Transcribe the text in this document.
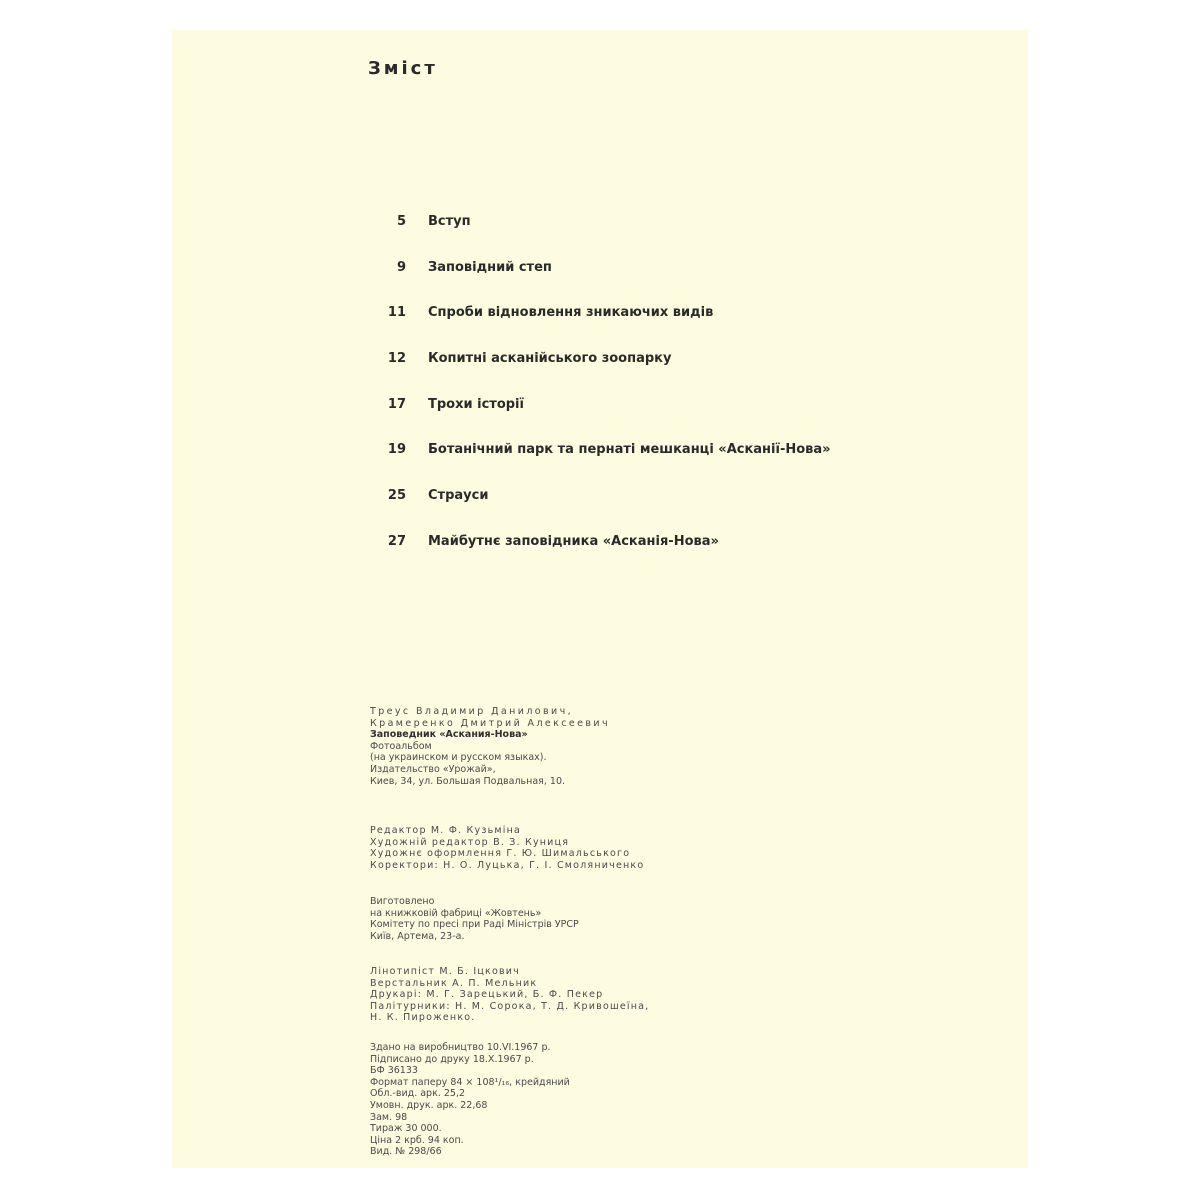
Зміст
5 Вступ
9 Заповідний степ
11 Спроби відновлення зникаючих видів
12 Копитні асканійського зоопарку
17 Трохи історії
19 Ботанічний парк та пернаті мешканці «Асканії-Нова»
25 Страуси
27 Майбутнє заповідника «Асканія-Нова»
Треус Владимир Данилович,
Крамеренко Дмитрий Алексеевич
Заповедник «Аскания-Нова»
Фотоальбом
(на украинском и русском языках).
Издательство «Урожай»,
Киев, 34, ул. Большая Подвальная, 10.
Редактор М. Ф. Кузьміна
Художній редактор В. З. Куниця
Художнє оформлення Г. Ю. Шимальського
Коректори: Н. О. Луцька, Г. І. Смоляниченко
Виготовлено
на книжковій фабриці «Жовтень»
Комітету по пресі при Раді Міністрів УРСР
Київ, Артема, 23-а.
Лінотипіст М. Б. Іцкович
Верстальник А. П. Мельник
Друкарі: М. Г. Зарецький, Б. Ф. Пекер
Палітурники: Н. М. Сорока, Т. Д. Кривошеїна,
Н. К. Пироженко.
Здано на виробництво 10.VI.1967 р.
Підписано до друку 18.X.1967 р.
БФ 36133
Формат паперу 84 × 108¹/₁₆, крейдяний
Обл.-вид. арк. 25,2
Умовн. друк. арк. 22,68
Зам. 98
Тираж 30 000.
Ціна 2 крб. 94 коп.
Вид. № 298/66
